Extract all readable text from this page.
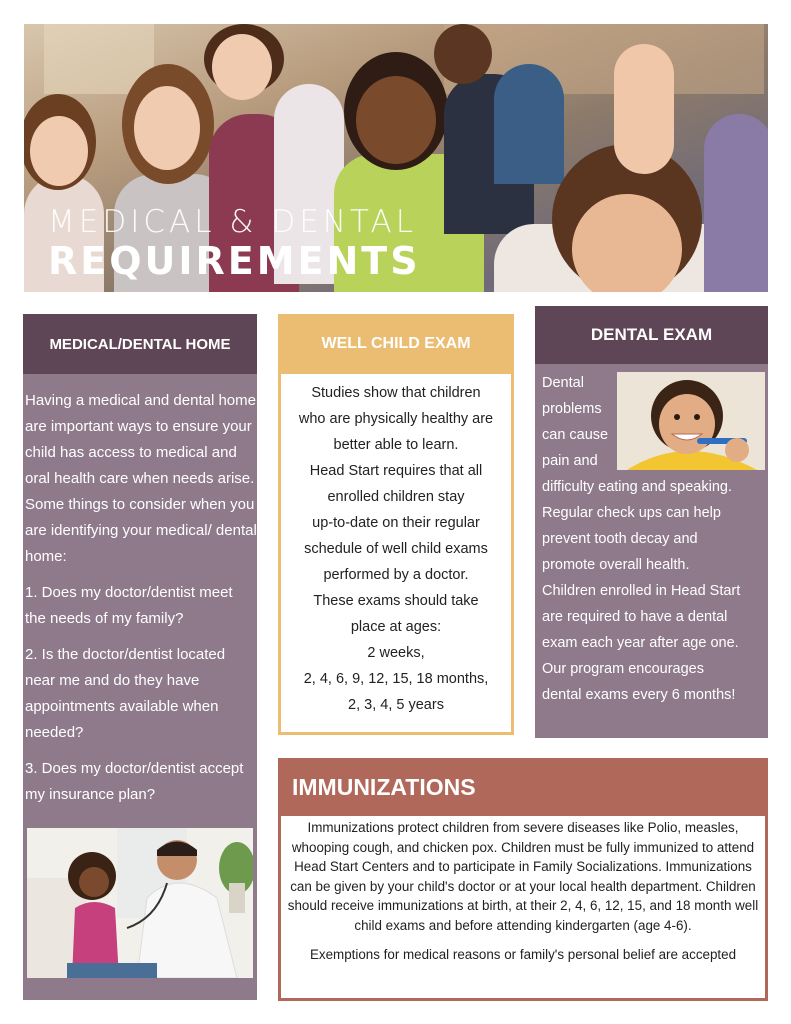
MEDICAL & DENTAL
REQUIREMENTS
MEDICAL/DENTAL HOME

Having a medical and dental home are important ways to ensure your child has access to medical and oral health care when needs arise. Some things to consider when you are identifying your medical/ dental home:

1. Does my doctor/dentist meet the needs of my family?

2. Is the doctor/dentist located near me and do they have appointments available when needed?

3. Does my doctor/dentist accept my insurance plan?

WELL CHILD EXAM
Studies show that children
who are physically healthy are
better able to learn.
Head Start requires that all
enrolled children stay
up-to-date on their regular
schedule of well child exams
performed by a doctor.
These exams should take
place at ages:
2 weeks,
2, 4, 6, 9, 12, 15, 18 months,
2, 3, 4, 5 years
DENTAL EXAM
Dental
problems
can cause
pain and
difficulty eating and speaking.
Regular check ups can help
prevent tooth decay and
promote overall health.
Children enrolled in Head Start
are required to have a dental
exam each year after age one.
Our program encourages
dental exams every 6 months!
IMMUNIZATIONS

Immunizations protect children from severe diseases like Polio, measles, whooping cough, and chicken pox. Children must be fully immunized to attend Head Start Centers and to participate in Family Socializations. Immunizations can be given by your child's doctor or at your local health department. Children should receive immunizations at birth, at their 2, 4, 6, 12, 15, and 18 month well child exams and before attending kindergarten (age 4-6).

Exemptions for medical reasons or family's personal belief are accepted
